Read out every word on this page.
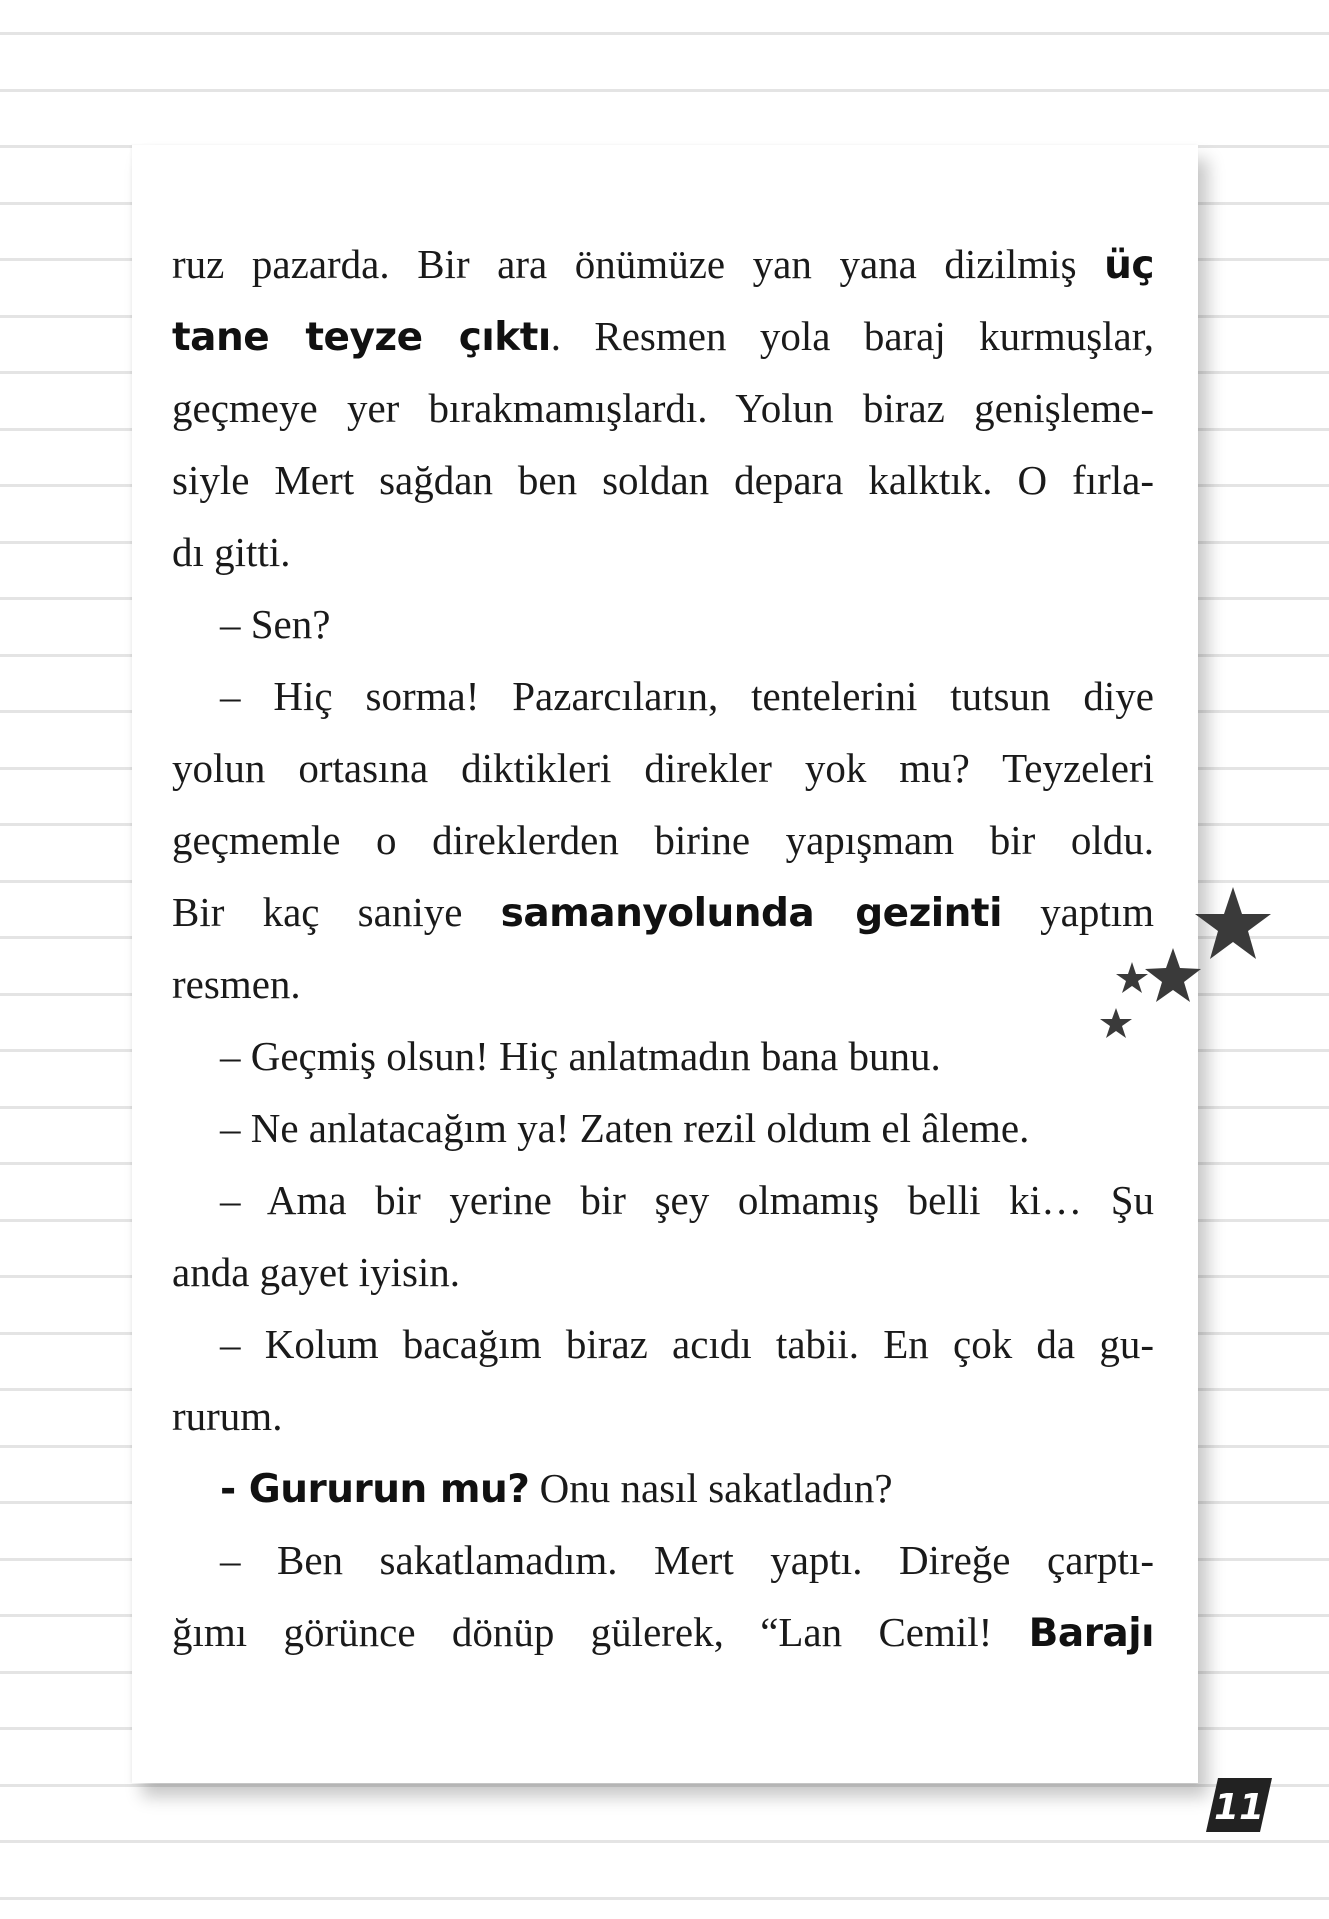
ruz pazarda. Bir ara önümüze yan yana dizilmiş üç
tane teyze çıktı. Resmen yola baraj kurmuşlar,
geçmeye yer bırakmamışlardı. Yolun biraz genişleme-
siyle Mert sağdan ben soldan depara kalktık. O fırla-
dı gitti.
– Sen?
– Hiç sorma! Pazarcıların, tentelerini tutsun diye
yolun ortasına diktikleri direkler yok mu? Teyzeleri
geçmemle o direklerden birine yapışmam bir oldu.
Bir kaç saniye samanyolunda gezinti yaptım
resmen.
– Geçmiş olsun! Hiç anlatmadın bana bunu.
– Ne anlatacağım ya! Zaten rezil oldum el âleme.
– Ama bir yerine bir şey olmamış belli ki… Şu
anda gayet iyisin.
– Kolum bacağım biraz acıdı tabii. En çok da gu-
rurum.
- Gururun mu? Onu nasıl sakatladın?
– Ben sakatlamadım. Mert yaptı. Direğe çarptı-
ğımı görünce dönüp gülerek, “Lan Cemil! Barajı
11
